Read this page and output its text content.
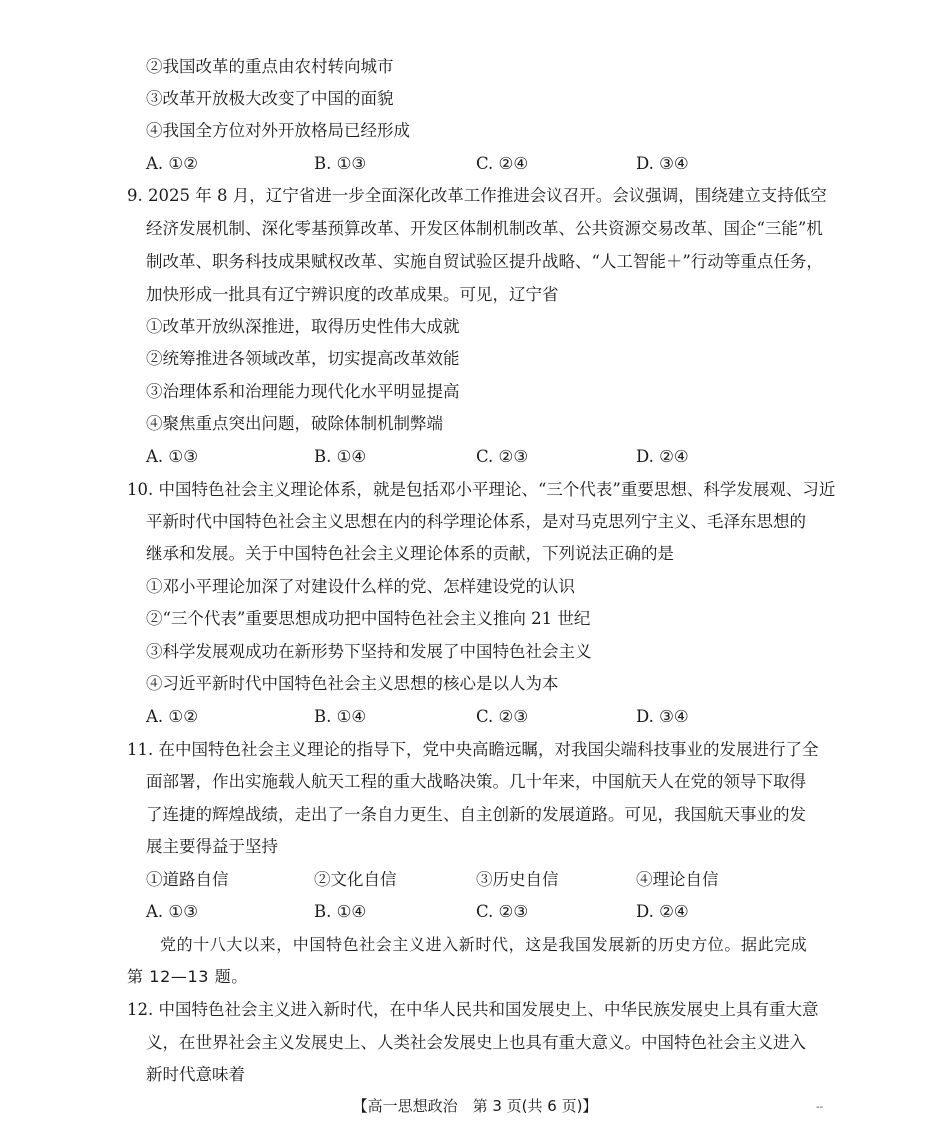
②我国改革的重点由农村转向城市
③改革开放极大改变了中国的面貌
④我国全方位对外开放格局已经形成
A. ①②	B. ①③	C. ②④	D. ③④
9. 2025 年 8 月，辽宁省进一步全面深化改革工作推进会议召开。会议强调，围绕建立支持低空
经济发展机制、深化零基预算改革、开发区体制机制改革、公共资源交易改革、国企“三能”机
制改革、职务科技成果赋权改革、实施自贸试验区提升战略、“人工智能＋”行动等重点任务，
加快形成一批具有辽宁辨识度的改革成果。可见，辽宁省
①改革开放纵深推进，取得历史性伟大成就
②统筹推进各领域改革，切实提高改革效能
③治理体系和治理能力现代化水平明显提高
④聚焦重点突出问题，破除体制机制弊端
A. ①③	B. ①④	C. ②③	D. ②④
10. 中国特色社会主义理论体系，就是包括邓小平理论、“三个代表”重要思想、科学发展观、习近
平新时代中国特色社会主义思想在内的科学理论体系，是对马克思列宁主义、毛泽东思想的
继承和发展。关于中国特色社会主义理论体系的贡献，下列说法正确的是
①邓小平理论加深了对建设什么样的党、怎样建设党的认识
②“三个代表”重要思想成功把中国特色社会主义推向 21 世纪
③科学发展观成功在新形势下坚持和发展了中国特色社会主义
④习近平新时代中国特色社会主义思想的核心是以人为本
A. ①②	B. ①④	C. ②③	D. ③④
11. 在中国特色社会主义理论的指导下，党中央高瞻远瞩，对我国尖端科技事业的发展进行了全
面部署，作出实施载人航天工程的重大战略决策。几十年来，中国航天人在党的领导下取得
了连捷的辉煌战绩，走出了一条自力更生、自主创新的发展道路。可见，我国航天事业的发
展主要得益于坚持
①道路自信	②文化自信	③历史自信	④理论自信
A. ①③	B. ①④	C. ②③	D. ②④
党的十八大以来，中国特色社会主义进入新时代，这是我国发展新的历史方位。据此完成
第 12—13 题。
12. 中国特色社会主义进入新时代，在中华人民共和国发展史上、中华民族发展史上具有重大意
义，在世界社会主义发展史上、人类社会发展史上也具有重大意义。中国特色社会主义进入
新时代意味着
【高一思想政治　第 3 页(共 6 页)】	--
